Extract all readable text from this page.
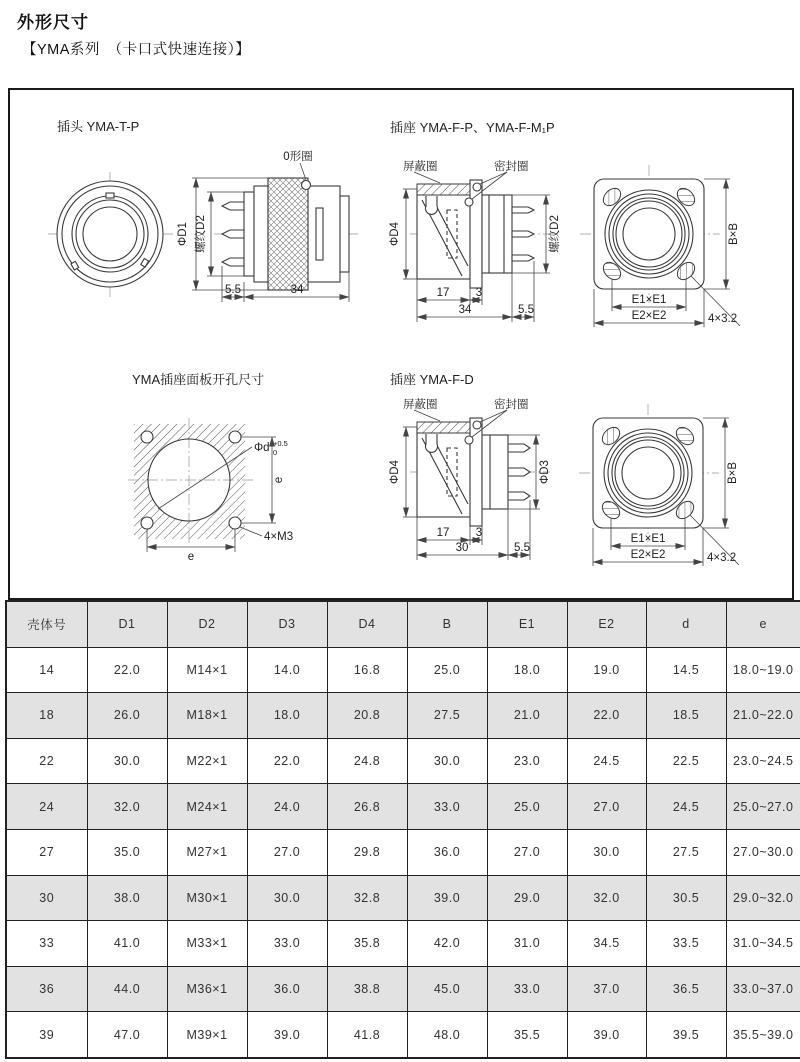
外形尺寸
【YMA系列　（卡口式快速连接）】
插头 YMA-T-P
0形圈
ΦD1 螺纹D2
5.5	34
插座 YMA-F-P、YMA-F-M₁P
屏蔽圈	密封圈
ΦD4	螺纹D2
17 3
34	5.5
B×B
E1×E1
E2×E2	4×3.2
YMA插座面板开孔尺寸
Φd +0.5
0
e
4×M3
e
插座 YMA-F-D
屏蔽圈	密封圈
ΦD4	ΦD3
17 3
30	5.5
B×B
E1×E1
E2×E2	4×3.2
壳体号	D1	D2	D3	D4	B	E1	E2	d	e
14	22.0	M14×1	14.0	16.8	25.0	18.0	19.0	14.5	18.0~19.0
18	26.0	M18×1	18.0	20.8	27.5	21.0	22.0	18.5	21.0~22.0
22	30.0	M22×1	22.0	24.8	30.0	23.0	24.5	22.5	23.0~24.5
24	32.0	M24×1	24.0	26.8	33.0	25.0	27.0	24.5	25.0~27.0
27	35.0	M27×1	27.0	29.8	36.0	27.0	30.0	27.5	27.0~30.0
30	38.0	M30×1	30.0	32.8	39.0	29.0	32.0	30.5	29.0~32.0
33	41.0	M33×1	33.0	35.8	42.0	31.0	34.5	33.5	31.0~34.5
36	44.0	M36×1	36.0	38.8	45.0	33.0	37.0	36.5	33.0~37.0
39	47.0	M39×1	39.0	41.8	48.0	35.5	39.0	39.5	35.5~39.0
